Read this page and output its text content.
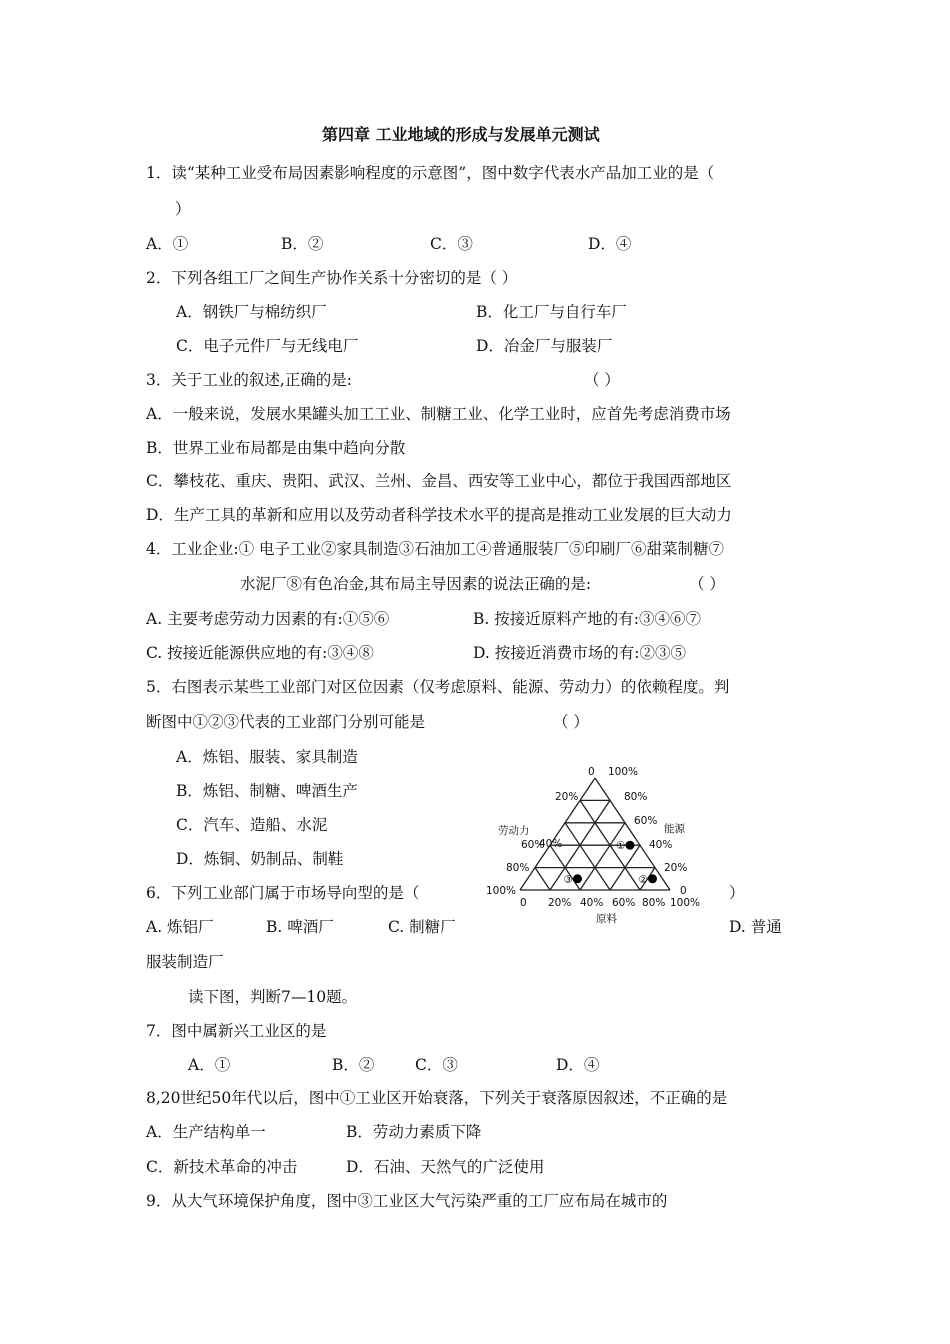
第四章 工业地域的形成与发展单元测试
1．读“某种工业受布局因素影响程度的示意图”，图中数字代表水产品加工业的是（
）
A．①	B．②	C．③	D．④
2．下列各组工厂之间生产协作关系十分密切的是（ ）
A．钢铁厂与棉纺织厂	B．化工厂与自行车厂
C．电子元件厂与无线电厂	D．冶金厂与服装厂
3．关于工业的叙述,正确的是:	（ ）
A．一般来说，发展水果罐头加工工业、制糖工业、化学工业时，应首先考虑消费市场
B．世界工业布局都是由集中趋向分散
C．攀枝花、重庆、贵阳、武汉、兰州、金昌、西安等工业中心，都位于我国西部地区
D．生产工具的革新和应用以及劳动者科学技术水平的提高是推动工业发展的巨大动力
4．工业企业:① 电子工业②家具制造③石油加工④普通服装厂⑤印刷厂⑥甜菜制糖⑦
水泥厂⑧有色冶金,其布局主导因素的说法正确的是:	（ ）
A. 主要考虑劳动力因素的有:①⑤⑥	B. 按接近原料产地的有:③④⑥⑦
C. 按接近能源供应地的有:③④⑧	D. 按接近消费市场的有:②③⑤
5．右图表示某些工业部门对区位因素（仅考虑原料、能源、劳动力）的依赖程度。判
断图中①②③代表的工业部门分别可能是	（ ）
A．炼铝、服装、家具制造
B．炼铝、制糖、啤酒生产
C．汽车、造船、水泥
D．炼铜、奶制品、制鞋
6．下列工业部门属于市场导向型的是（	）
A. 炼铝厂	B. 啤酒厂	C. 制糖厂	D. 普通
服装制造厂
读下图，判断7—10题。
7．图中属新兴工业区的是
A．①	B．②	C．③	D．④
8,20世纪50年代以后，图中①工业区开始衰落，下列关于衰落原因叙述，不正确的是
A．生产结构单一	B．劳动力素质下降
C．新技术革命的冲击	D．石油、天然气的广泛使用
9．从大气环境保护角度，图中③工业区大气污染严重的工厂应布局在城市的
0 100%
20%
40%
60%
80%
100%
80%
60%
40%
20%
0
0 20% 40% 60% 80% 100%
劳动力	能源
原料
①
②
③
